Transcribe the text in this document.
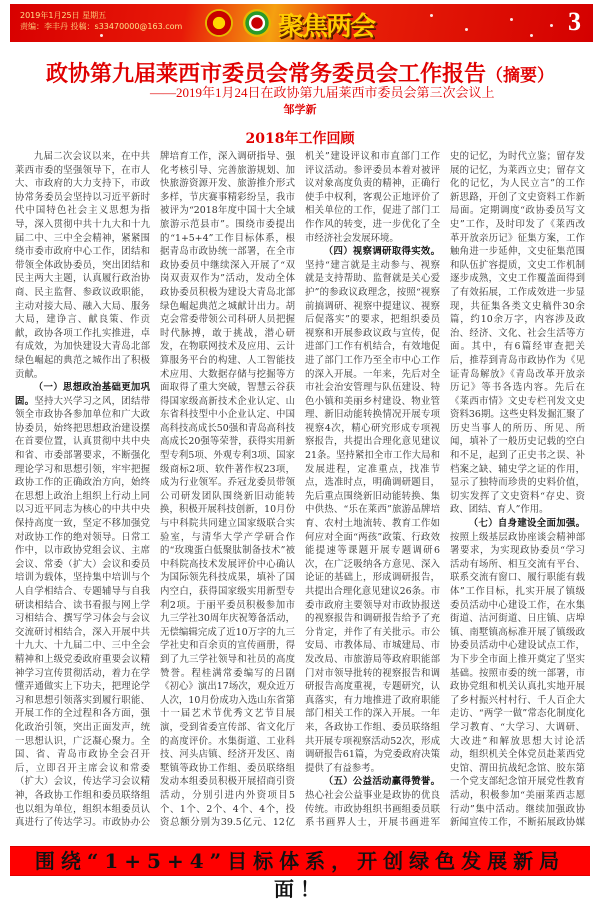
2019年1月25日 星期五
责编：李丰丹 投稿：s33470000@163.com	聚焦两会	3
政协第九届莱西市委员会常务委员会工作报告（摘要）
——2019年1月24日在政协第九届莱西市委员会第三次会议上
邹学新
2018年工作回顾

九届二次会议以来，在中共莱西市委的坚强领导下，在市人大、市政府的大力支持下，市政协常务委员会坚持以习近平新时代中国特色社会主义思想为指导，深入贯彻中共十九大和十九届二中、三中全会精神，紧紧围绕市委市政府中心工作，团结和带领全体政协委员，突出团结和民主两大主题，认真履行政治协商、民主监督、参政议政职能，主动对接大局、融入大局、服务大局，建诤言、献良策、作贡献，政协各项工作扎实推进，卓有成效，为加快建设大青岛北部绿色崛起的典范之城作出了积极贡献。

（一）思想政治基础更加巩固。坚持大兴学习之风，团结带领全市政协各参加单位和广大政协委员，始终把思想政治建设摆在首要位置，认真贯彻中共中央和省、市委部署要求，不断强化理论学习和思想引领，牢牢把握政协工作的正确政治方向，始终在思想上政治上组织上行动上同以习近平同志为核心的中共中央保持高度一致，坚定不移加强党对政协工作的绝对领导。日常工作中，以市政协党组会议、主席会议、常委（扩大）会议和委员培训为载体，坚持集中培训与个人自学相结合、专题辅导与自我研读相结合、读书看报与网上学习相结合、撰写学习体会与会议交流研讨相结合，深入开展中共十九大、十九届二中、三中全会精神和上级党委政府重要会议精神学习宣传贯彻活动，着力在学懂弄通做实上下功夫，把理论学习和思想引领落实到履行职能、开展工作的全过程和各方面，强化政治引领，突出正面发声，统一思想认识，广泛凝心聚力。全国、省、青岛市政协全会召开后，立即召开主席会议和常委（扩大）会议，传达学习会议精神，各政协工作组和委员联络组也以组为单位，组织本组委员认真进行了传达学习。市政协办公

牌培育工作，深入调研指导、强化考核引导、完善旅游规划、加快旅游资源开发、旅游推介形式多样，节庆赛事精彩纷呈，我市被评为“2018年度中国十大全域旅游示范县市”。围绕市委提出的“1+5+4”工作目标体系，根据青岛市政协统一部署，在全市政协委员中继续深入开展了“双岗双责双作为”活动，发动全体政协委员积极为建设大青岛北部绿色崛起典范之城献计出力。胡克会常委带领公司科研人员把握时代脉搏，敢于挑战，潜心研发，在物联网技术及应用、云计算服务平台的构建、人工智能技术应用、大数据存储与挖掘等方面取得了重大突破，智慧云谷获得国家级高新技术企业认定、山东省科技型中小企业认定、中国高科技高成长50强和青岛高科技高成长20强等荣誉，获得实用新型专利5项、外观专利3项、国家级商标2项、软件著作权23项，成为行业领军。乔冠龙委员带领公司研发团队围绕新旧动能转换，积极开展科技创新，10月份与中科院共同建立国家级联合实验室，与清华大学产学研合作的“玫瑰蛋白低聚肽制备技术”被中科院高技术发展评价中心确认为国际领先科技成果，填补了国内空白，获得国家级实用新型专利2项。于丽平委员积极参加市九三学社30周年庆祝筹备活动，无偿编辑完成了近10万字的九三学社史和百余页的宣传画册，得到了九三学社领导和社员的高度赞誉。程桂满常委编写的吕剧《初心》演出17场次，观众近万人次，10月份成功入选山东省第十一届艺术节优秀文艺节目展演，受到省委宣传部、省文化厅的高度评价。水集街道、工业科技、河头店镇、经济开发区、南墅镇等政协工作组、委员联络组发动本组委员积极开展招商引资活动，分别引进内外资项目5个、1个、2个、4个、4个，投资总额分别为39.5亿元、12亿

机关”建设评议和市直部门工作评议活动。参评委员本着对被评议对象高度负责的精神，正确行使手中权利，客观公正地评价了相关单位的工作，促进了部门工作作风的转变，进一步优化了全市经济社会发展环境。

（四）视察调研取得实效。坚持“建言就是主动参与、视察就是支持帮助、监督就是关心爱护”的参政议政理念，按照“视察前搞调研、视察中提建议、视察后促落实”的要求，把组织委员视察和开展参政议政与宣传，促进部门工作有机结合，有效地促进了部门工作乃至全市中心工作的深入开展。一年来，先后对全市社会治安管理与队伍建设、特色小镇和美丽乡村建设、物业管理、新旧动能转换情况开展专项视察4次，精心研究形成专项视察报告，共提出合理化意见建议21条。坚持紧扣全市工作大局和发展进程，定准重点，找准节点，选准时点，明确调研题目，先后重点围绕新旧动能转换、集中供热、“乐在莱西”旅游品牌培育、农村土地流转、教育工作如何应对全面“两孩”政策、行政效能提速等课题开展专题调研6次，在广泛吸纳各方意见、深入论证的基础上，形成调研报告，共提出合理化意见建议26条。市委市政府主要领导对市政协报送的视察报告和调研报告给予了充分肯定，并作了有关批示。市公安局、市教体局、市城建局、市发改局、市旅游局等政府职能部门对市领导批转的视察报告和调研报告高度重视，专题研究，认真落实，有力地推进了政府职能部门相关工作的深入开展。一年来，各政协工作组、委员联络组共开展专项视察活动52次，形成调研报告61篇，为党委政府决策提供了有益参考。

（五）公益活动赢得赞誉。热心社会公益事业是政协的优良传统。市政协组织书画组委员联系书画界人士，开展书画进军

史的记忆，为时代立鉴；留存发展的记忆，为莱西立史；留存文化的记忆，为人民立言”的工作新思路，开创了文史资料工作新局面。定期调度“政协委员写文史”工作，及时印发了《莱西改革开放亲历记》征集方案，工作触角进一步延伸，文史征集范围和队伍扩容提质，文史工作机制逐步成熟，文史工作覆盖面得到了有效拓展，工作成效进一步显现，共征集各类文史稿件30余篇，约10余万字，内容涉及政治、经济、文化、社会生活等方面。其中，有6篇经审查把关后，推荐到青岛市政协作为《见证青岛解放》《青岛改革开放亲历记》等书各选内容。先后在《莱西市情》文史专栏刊发文史资料36期。这些史料发掘汇聚了历史当事人的所历、所见、所闻，填补了一般历史记载的空白和不足，起到了正史书之误、补档案之缺、辅史学之证的作用，显示了独特而珍贵的史料价值，切实发挥了文史资料“存史、资政、团结、育人”作用。

（七）自身建设全面加强。按照上级基层政协座谈会精神部署要求，为实现政协委员“学习活动有场所、相互交流有平台、联系交流有窗口、履行职能有载体”工作目标，扎实开展了镇级委员活动中心建设工作，在水集街道、沽河街道、日庄镇、店埠镇、南墅镇高标准开展了镇级政协委员活动中心建设试点工作，为下步全市面上推开奠定了坚实基础。按照市委的统一部署，市政协党组和机关认真扎实地开展了乡村振兴村村行、千人百企大走访、“两学一做”常态化制度化学习教育、“大学习、大调研、大改进”和解放思想大讨论活动，组织机关全体党员赴莱西党史馆、渭田抗战纪念馆、胶东第一个党支部纪念馆开展党性教育活动，积极参加“美丽莱西志愿行动”集中活动。继续加强政协新闻宣传工作，不断拓展政协媒

围绕“1+5+4”目标体系，开创绿色发展新局面！
